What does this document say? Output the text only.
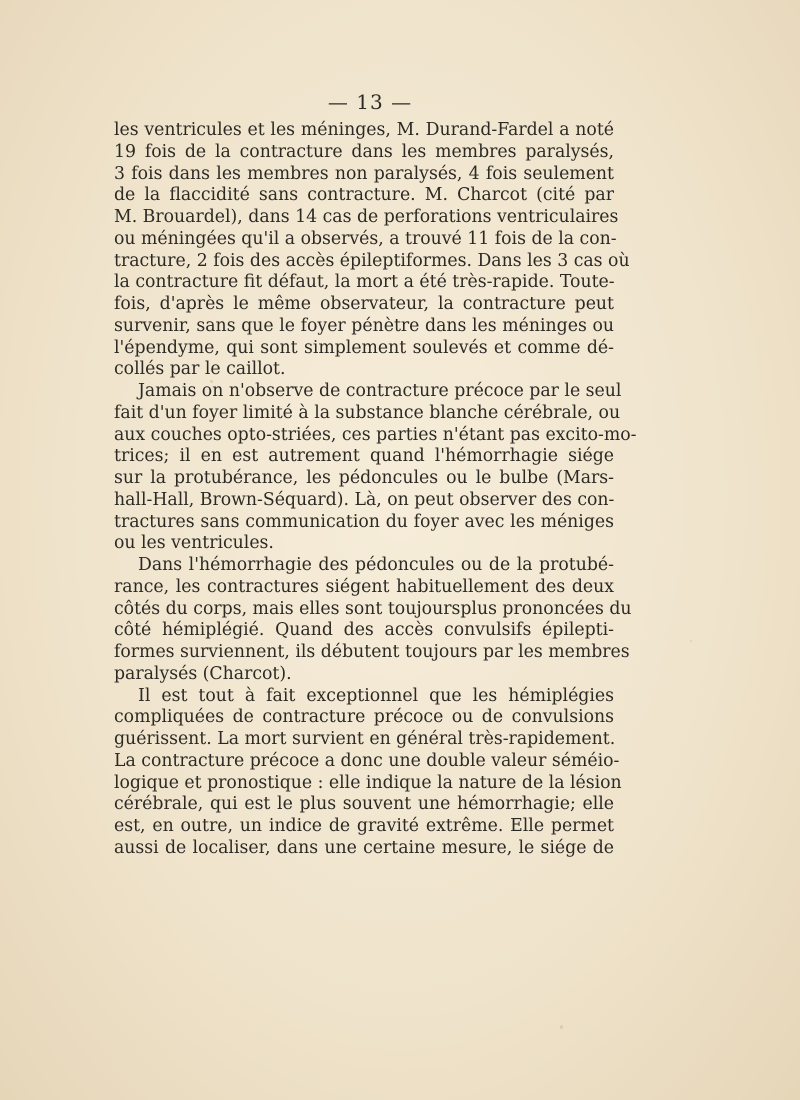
— 13 —
les ventricules et les méninges, M. Durand-Fardel a noté
19 fois de la contracture dans les membres paralysés,
3 fois dans les membres non paralysés, 4 fois seulement
de la flaccidité sans contracture. M. Charcot (cité par
M. Brouardel), dans 14 cas de perforations ventriculaires
ou méningées qu'il a observés, a trouvé 11 fois de la con-
tracture, 2 fois des accès épileptiformes. Dans les 3 cas où
la contracture fit défaut, la mort a été très-rapide. Toute-
fois, d'après le même observateur, la contracture peut
survenir, sans que le foyer pénètre dans les méninges ou
l'épendyme, qui sont simplement soulevés et comme dé-
collés par le caillot.
Jamais on n'observe de contracture précoce par le seul
fait d'un foyer limité à la substance blanche cérébrale, ou
aux couches opto-striées, ces parties n'étant pas excito-mo-
trices; il en est autrement quand l'hémorrhagie siége
sur la protubérance, les pédoncules ou le bulbe (Mars-
hall-Hall, Brown-Séquard). Là, on peut observer des con-
tractures sans communication du foyer avec les méniges
ou les ventricules.
Dans l'hémorrhagie des pédoncules ou de la protubé-
rance, les contractures siégent habituellement des deux
côtés du corps, mais elles sont toujoursplus prononcées du
côté hémiplégié. Quand des accès convulsifs épilepti-
formes surviennent, ils débutent toujours par les membres
paralysés (Charcot).
Il est tout à fait exceptionnel que les hémiplégies
compliquées de contracture précoce ou de convulsions
guérissent. La mort survient en général très-rapidement.
La contracture précoce a donc une double valeur séméio-
logique et pronostique : elle indique la nature de la lésion
cérébrale, qui est le plus souvent une hémorrhagie; elle
est, en outre, un indice de gravité extrême. Elle permet
aussi de localiser, dans une certaine mesure, le siége de
